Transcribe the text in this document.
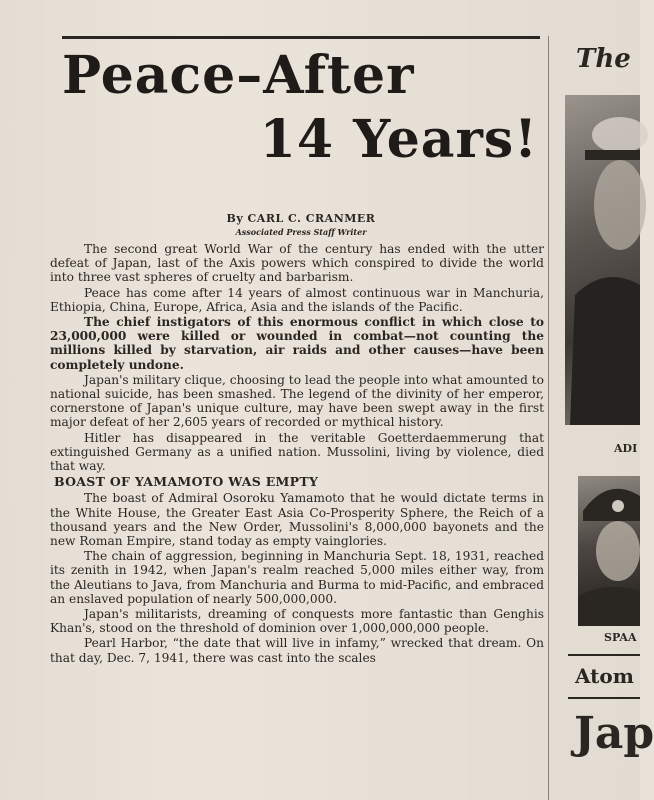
Peace–After
14 Years!
By CARL C. CRANMER
Associated Press Staff Writer

The second great World War of the century has ended with the utter defeat of Japan, last of the Axis powers which conspired to divide the world into three vast spheres of cruelty and barbarism.

Peace has come after 14 years of almost continuous war in Manchuria, Ethiopia, China, Europe, Africa, Asia and the islands of the Pacific.

The chief instigators of this enormous conflict in which close to 23,000,000 were killed or wounded in combat—not counting the millions killed by starvation, air raids and other causes—have been completely undone.

Japan's military clique, choosing to lead the people into what amounted to national suicide, has been smashed. The legend of the divinity of her emperor, cornerstone of Japan's unique culture, may have been swept away in the first major defeat of her 2,605 years of recorded or mythical history.

Hitler has disappeared in the veritable Goetterdaemmerung that extinguished Germany as a unified nation. Mussolini, living by violence, died that way.

BOAST OF YAMAMOTO WAS EMPTY

The boast of Admiral Osoroku Yamamoto that he would dictate terms in the White House, the Greater East Asia Co-Prosperity Sphere, the Reich of a thousand years and the New Order, Mussolini's 8,000,000 bayonets and the new Roman Empire, stand today as empty vainglories.

The chain of aggression, beginning in Manchuria Sept. 18, 1931, reached its zenith in 1942, when Japan's realm reached 5,000 miles either way, from the Aleutians to Java, from Manchuria and Burma to mid-Pacific, and embraced an enslaved population of nearly 500,000,000.

Japan's militarists, dreaming of conquests more fantastic than Genghis Khan's, stood on the threshold of dominion over 1,000,000,000 people.

Pearl Harbor, “the date that will live in infamy,” wrecked that dream. On that day, Dec. 7, 1941, there was cast into the scales

The
ADI
SPAA
Atom
Jap
